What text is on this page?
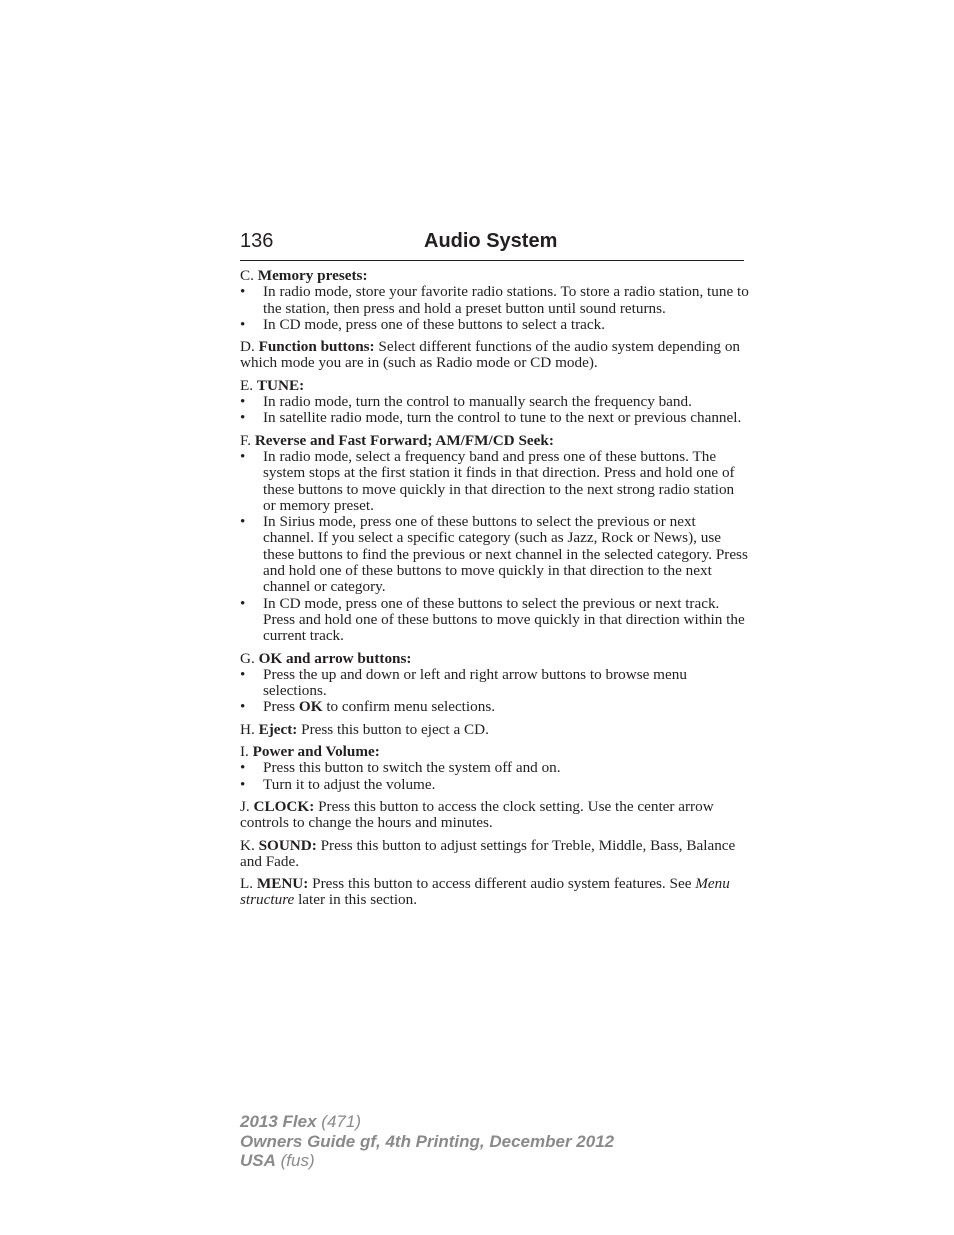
136	Audio System

C. Memory presets:

• In radio mode, store your favorite radio stations. To store a radio station, tune to the station, then press and hold a preset button until sound returns.
• In CD mode, press one of these buttons to select a track.

D. Function buttons: Select different functions of the audio system depending on which mode you are in (such as Radio mode or CD mode).

E. TUNE:

• In radio mode, turn the control to manually search the frequency band.
• In satellite radio mode, turn the control to tune to the next or previous channel.

F. Reverse and Fast Forward; AM/FM/CD Seek:

• In radio mode, select a frequency band and press one of these buttons. The system stops at the first station it finds in that direction. Press and hold one of these buttons to move quickly in that direction to the next strong radio station or memory preset.
• In Sirius mode, press one of these buttons to select the previous or next channel. If you select a specific category (such as Jazz, Rock or News), use these buttons to find the previous or next channel in the selected category. Press and hold one of these buttons to move quickly in that direction to the next channel or category.
• In CD mode, press one of these buttons to select the previous or next track. Press and hold one of these buttons to move quickly in that direction within the current track.

G. OK and arrow buttons:

• Press the up and down or left and right arrow buttons to browse menu selections.
• Press OK to confirm menu selections.

H. Eject: Press this button to eject a CD.

I. Power and Volume:

• Press this button to switch the system off and on.
• Turn it to adjust the volume.

J. CLOCK: Press this button to access the clock setting. Use the center arrow controls to change the hours and minutes.

K. SOUND: Press this button to adjust settings for Treble, Middle, Bass, Balance and Fade.

L. MENU: Press this button to access different audio system features. See Menu structure later in this section.

2013 Flex (471)
Owners Guide gf, 4th Printing, December 2012
USA (fus)
